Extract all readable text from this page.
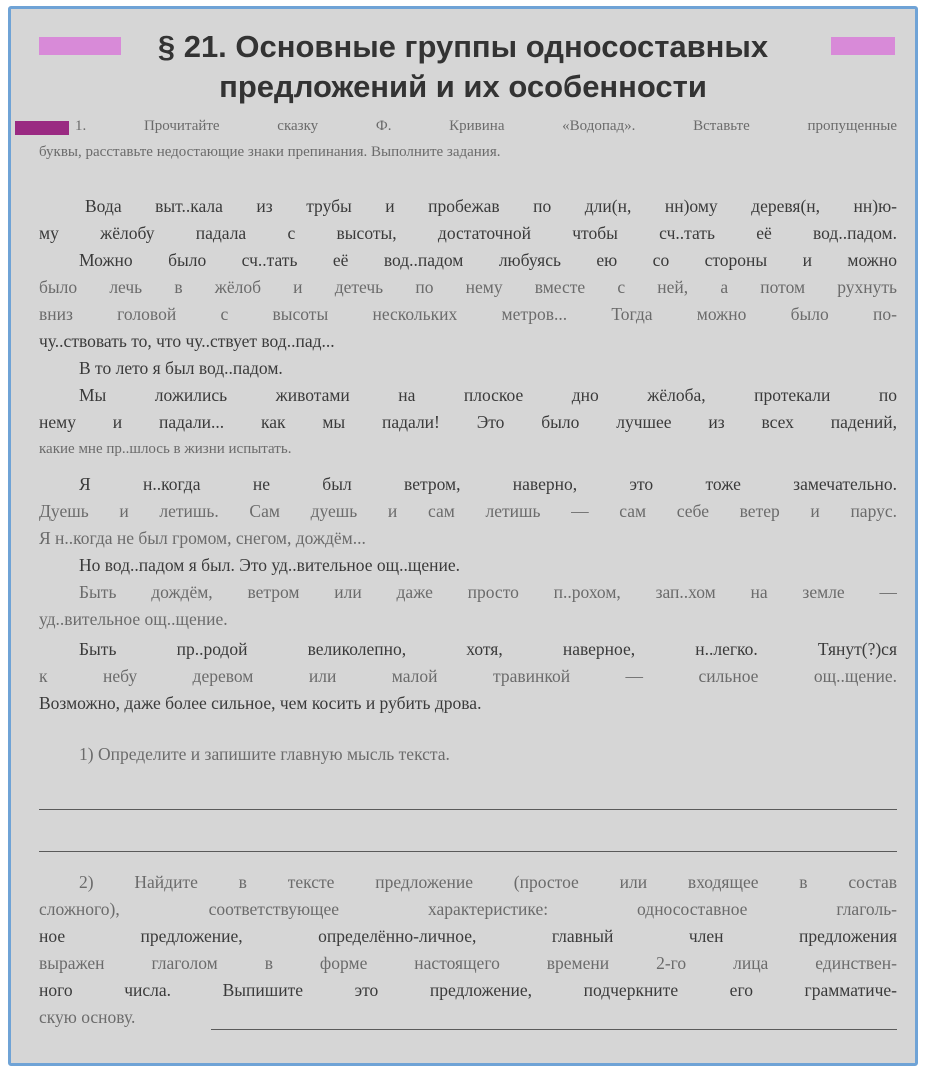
§ 21. Основные группы односоставных
предложений и их особенности
1. Прочитайте сказку Ф. Кривина «Водопад». Вставьте пропущенные
буквы, расставьте недостающие знаки препинания. Выполните задания.
Вода выт..кала из трубы и пробежав по дли(н, нн)ому деревя(н, нн)ю-
му жёлобу падала с высоты, достаточной чтобы сч..тать её вод..падом.
Можно было сч..тать её вод..падом любуясь ею со стороны и можно
было лечь в жёлоб и детечь по нему вместе с ней, а потом рухнуть
вниз головой с высоты нескольких метров... Тогда можно было по-
чу..ствовать то, что чу..ствует вод..пад...
В то лето я был вод..падом.
Мы ложились животами на плоское дно жёлоба, протекали по
нему и падали... как мы падали! Это было лучшее из всех падений,
какие мне пр..шлось в жизни испытать.
Я н..когда не был ветром, наверно, это тоже замечательно.
Дуешь и летишь. Сам дуешь и сам летишь — сам себе ветер и парус.
Я н..когда не был громом, снегом, дождём...
Но вод..падом я был. Это уд..вительное ощ..щение.
Быть дождём, ветром или даже просто п..рохом, зап..хом на земле —
уд..вительное ощ..щение.
Быть пр..родой великолепно, хотя, наверное, н..легко. Тянут(?)ся
к небу деревом или малой травинкой — сильное ощ..щение.
Возможно, даже более сильное, чем косить и рубить дрова.
1) Определите и запишите главную мысль текста.
2) Найдите в тексте предложение (простое или входящее в состав
сложного), соответствующее характеристике: односоставное глаголь-
ное предложение, определённо-личное, главный член предложения
выражен глаголом в форме настоящего времени 2-го лица единствен-
ного числа. Выпишите это предложение, подчеркните его грамматиче-
скую основу.
